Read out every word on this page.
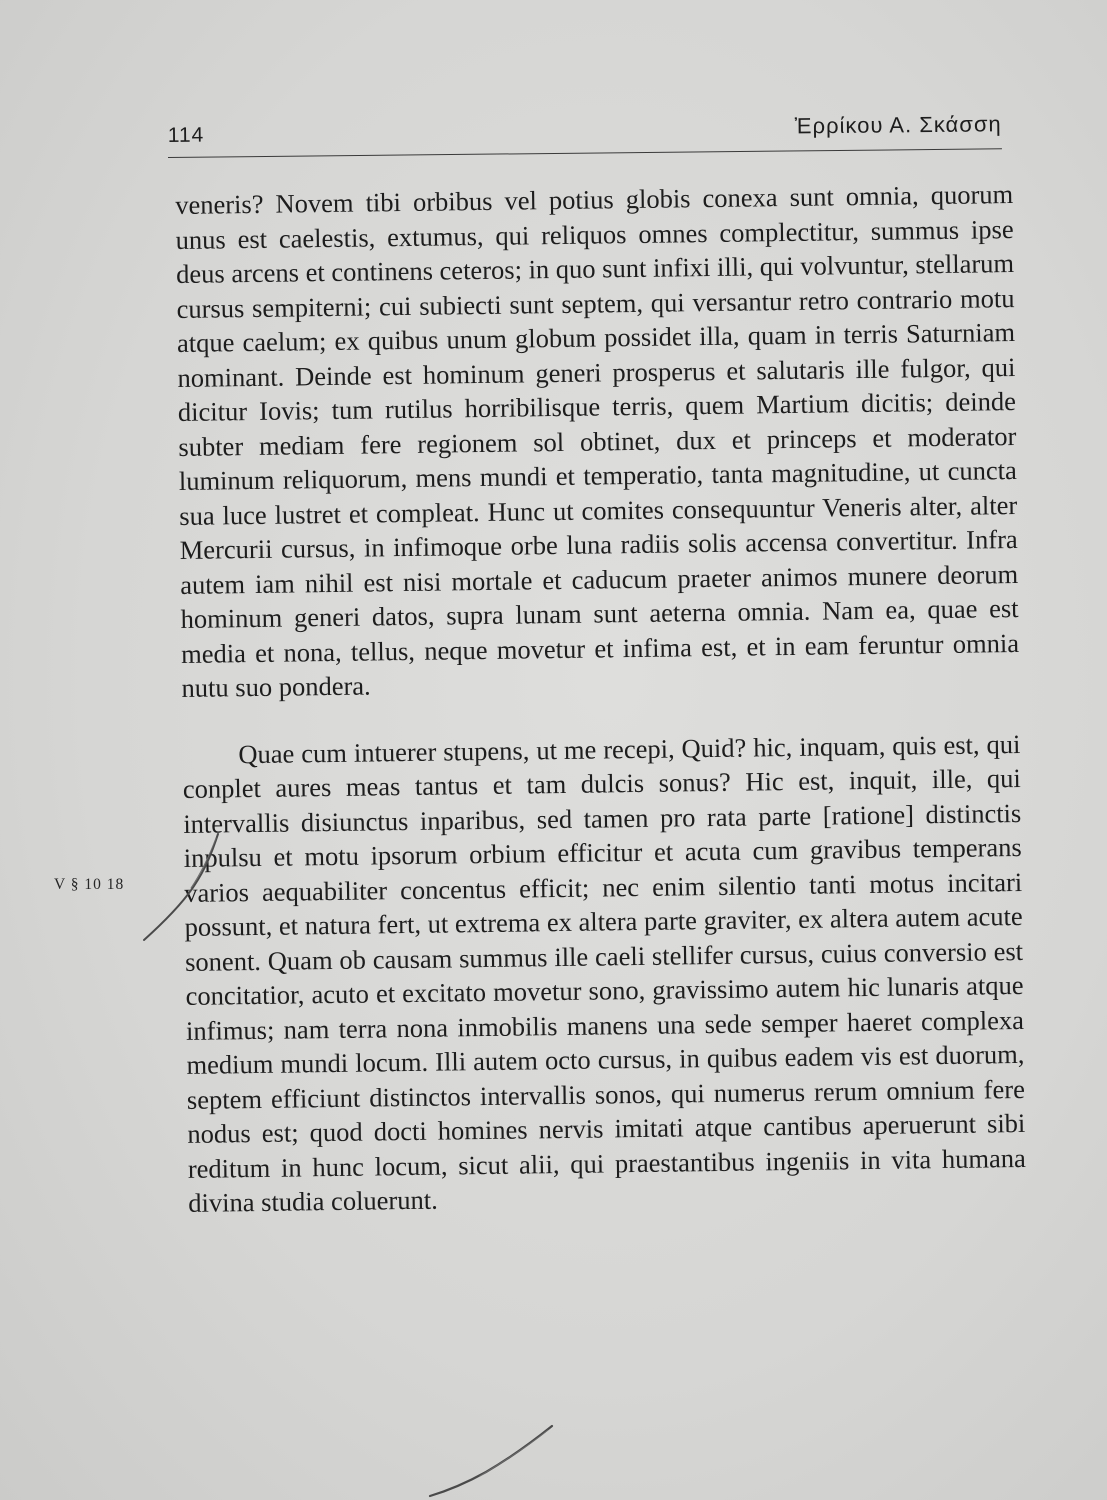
114	Ἐρρίκου Α. Σκάσση
V § 10 18

veneris? Novem tibi orbibus vel potius globis conexa sunt omnia, quorum unus est caelestis, extumus, qui reliquos omnes complectitur, summus ipse deus arcens et continens ceteros; in quo sunt infixi illi, qui volvuntur, stellarum cursus sempiterni; cui subiecti sunt septem, qui versantur retro contrario motu atque caelum; ex quibus unum globum possidet illa, quam in terris Saturniam nominant. Deinde est hominum generi prosperus et salutaris ille fulgor, qui dicitur Iovis; tum rutilus horribilisque terris, quem Martium dicitis; deinde subter mediam fere regionem sol obtinet, dux et princeps et moderator luminum reliquorum, mens mundi et temperatio, tanta magnitudine, ut cuncta sua luce lustret et compleat. Hunc ut comites consequuntur Veneris alter, alter Mercurii cursus, in infimoque orbe luna radiis solis accensa convertitur. Infra autem iam nihil est nisi mortale et caducum praeter animos munere deorum hominum generi datos, supra lunam sunt aeterna omnia. Nam ea, quae est media et nona, tellus, neque movetur et infima est, et in eam feruntur omnia nutu suo pondera.

Quae cum intuerer stupens, ut me recepi, Quid? hic, inquam, quis est, qui conplet aures meas tantus et tam dulcis sonus? Hic est, inquit, ille, qui intervallis disiunctus inparibus, sed tamen pro rata parte [ratione] distinctis inpulsu et motu ipsorum orbium efficitur et acuta cum gravibus temperans varios aequabiliter concentus efficit; nec enim silentio tanti motus incitari possunt, et natura fert, ut extrema ex altera parte graviter, ex altera autem acute sonent. Quam ob causam summus ille caeli stellifer cursus, cuius conversio est concitatior, acuto et excitato movetur sono, gravissimo autem hic lunaris atque infimus; nam terra nona inmobilis manens una sede semper haeret complexa medium mundi locum. Illi autem octo cursus, in quibus eadem vis est duorum, septem efficiunt distinctos intervallis sonos, qui numerus rerum omnium fere nodus est; quod docti homines nervis imitati atque cantibus aperuerunt sibi reditum in hunc locum, sicut alii, qui praestantibus ingeniis in vita humana divina studia coluerunt.
